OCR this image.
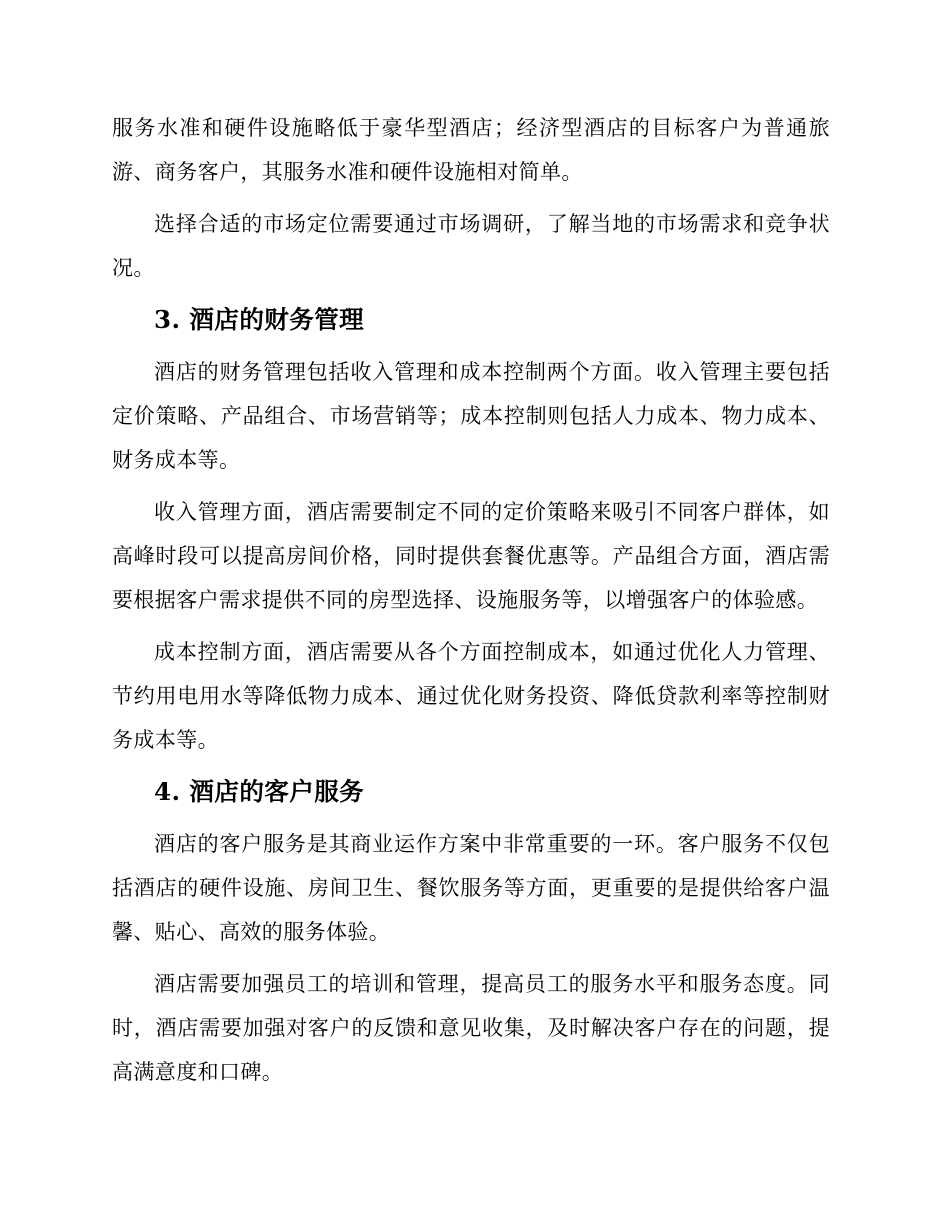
服务水准和硬件设施略低于豪华型酒店；经济型酒店的目标客户为普通旅游、商务客户，其服务水准和硬件设施相对简单。

选择合适的市场定位需要通过市场调研，了解当地的市场需求和竞争状况。

3. 酒店的财务管理

酒店的财务管理包括收入管理和成本控制两个方面。收入管理主要包括定价策略、产品组合、市场营销等；成本控制则包括人力成本、物力成本、财务成本等。

收入管理方面，酒店需要制定不同的定价策略来吸引不同客户群体，如高峰时段可以提高房间价格，同时提供套餐优惠等。产品组合方面，酒店需要根据客户需求提供不同的房型选择、设施服务等，以增强客户的体验感。

成本控制方面，酒店需要从各个方面控制成本，如通过优化人力管理、节约用电用水等降低物力成本、通过优化财务投资、降低贷款利率等控制财务成本等。

4. 酒店的客户服务

酒店的客户服务是其商业运作方案中非常重要的一环。客户服务不仅包括酒店的硬件设施、房间卫生、餐饮服务等方面，更重要的是提供给客户温馨、贴心、高效的服务体验。

酒店需要加强员工的培训和管理，提高员工的服务水平和服务态度。同时，酒店需要加强对客户的反馈和意见收集，及时解决客户存在的问题，提高满意度和口碑。
